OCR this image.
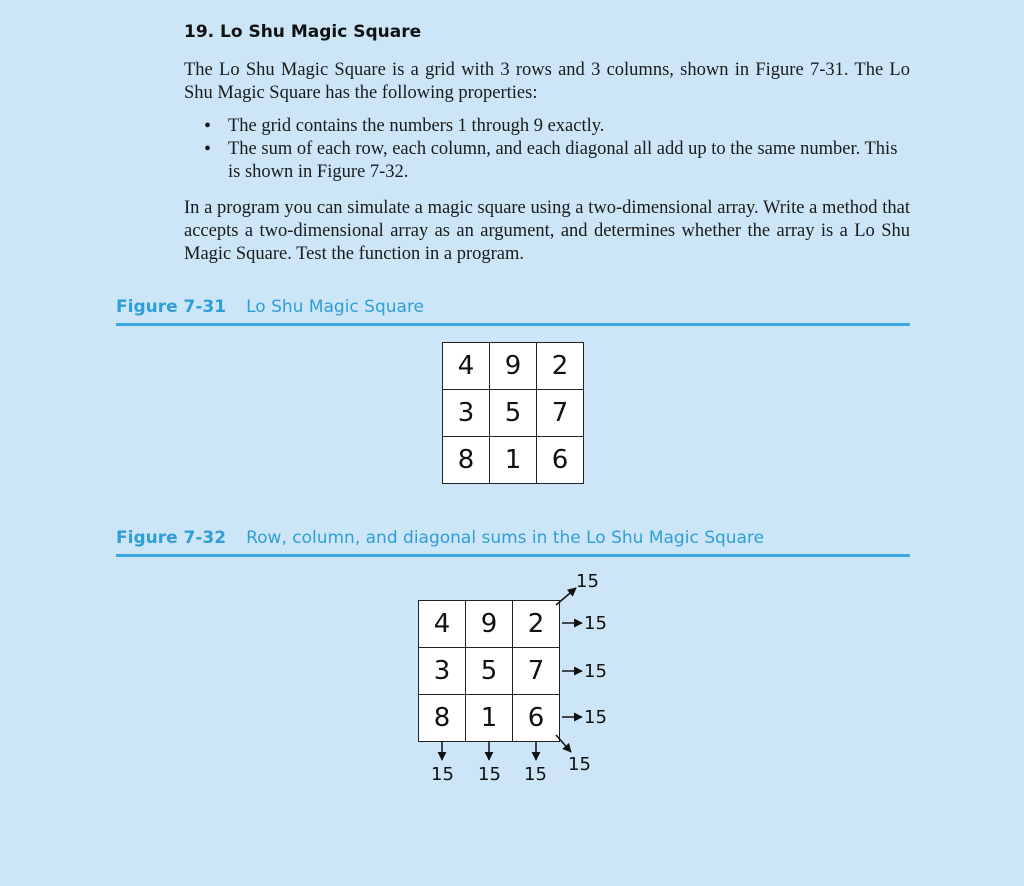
19. Lo Shu Magic Square

The Lo Shu Magic Square is a grid with 3 rows and 3 columns, shown in Figure 7-31. The Lo Shu Magic Square has the following properties:

• The grid contains the numbers 1 through 9 exactly.
• The sum of each row, each column, and each diagonal all add up to the same number. This is shown in Figure 7-32.

In a program you can simulate a magic square using a two-dimensional array. Write a method that accepts a two-dimensional array as an argument, and determines whether the array is a Lo Shu Magic Square. Test the function in a program.

Figure 7-31 Lo Shu Magic Square
4	9	2
3	5	7
8	1	6
Figure 7-32 Row, column, and diagonal sums in the Lo Shu Magic Square
4	9	2
3	5	7
8	1	6
15
15
15
15
15
15 15 15
